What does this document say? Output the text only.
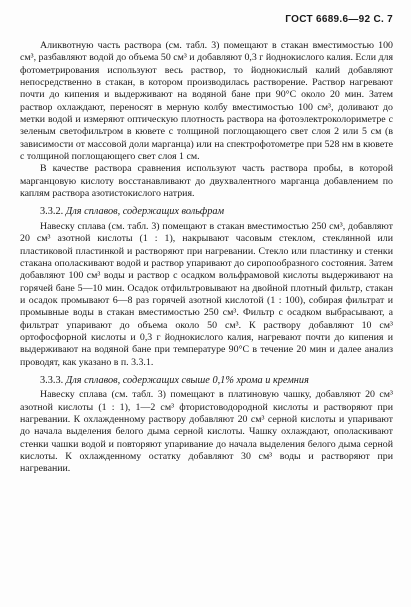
ГОСТ 6689.6—92 С. 7

Аликвотную часть раствора (см. табл. 3) помещают в стакан вместимостью 100 см³, разбавляют водой до объема 50 см³ и добавляют 0,3 г йоднокислого калия. Если для фотометрирования используют весь раствор, то йоднокислый калий добавляют непосредственно в стакан, в котором производилась растворение. Раствор нагревают почти до кипения и выдерживают на водяной бане при 90°С около 20 мин. Затем раствор охлаждают, переносят в мерную колбу вместимостью 100 см³, доливают до метки водой и измеряют оптическую плотность раствора на фотоэлектроколориметре с зеленым светофильтром в кювете с толщиной поглощающего свет слоя 2 или 5 см (в зависимости от массовой доли марганца) или на спектрофотометре при 528 нм в кювете с толщиной поглощающего свет слоя 1 см.

В качестве раствора сравнения используют часть раствора пробы, в которой марганцовую кислоту восстанавливают до двухвалентного марганца добавлением по каплям раствора азотистокислого натрия.

3.3.2. Для сплавов, содержащих вольфрам

Навеску сплава (см. табл. 3) помещают в стакан вместимостью 250 см³, добавляют 20 см³ азотной кислоты (1 : 1), накрывают часовым стеклом, стеклянной или пластиковой пластинкой и растворяют при нагревании. Стекло или пластинку и стенки стакана ополаскивают водой и раствор упаривают до сиропообразного состояния. Затем добавляют 100 см³ воды и раствор с осадком вольфрамовой кислоты выдерживают на горячей бане 5—10 мин. Осадок отфильтровывают на двойной плотный фильтр, стакан и осадок промывают 6—8 раз горячей азотной кислотой (1 : 100), собирая фильтрат и промывные воды в стакан вместимостью 250 см³. Фильтр с осадком выбрасывают, а фильтрат упаривают до объема около 50 см³. К раствору добавляют 10 см³ ортофосфорной кислоты и 0,3 г йоднокислого калия, нагревают почти до кипения и выдерживают на водяной бане при температуре 90°С в течение 20 мин и далее анализ проводят, как указано в п. 3.3.1.

3.3.3. Для сплавов, содержащих свыше 0,1% хрома и кремния

Навеску сплава (см. табл. 3) помещают в платиновую чашку, добавляют 20 см³ азотной кислоты (1 : 1), 1—2 см³ фтористоводородной кислоты и растворяют при нагревании. К охлажденному раствору добавляют 20 см³ серной кислоты и упаривают до начала выделения белого дыма серной кислоты. Чашку охлаждают, ополаскивают стенки чашки водой и повторяют упаривание до начала выделения белого дыма серной кислоты. К охлажденному остатку добавляют 30 см³ воды и растворяют при нагревании.
